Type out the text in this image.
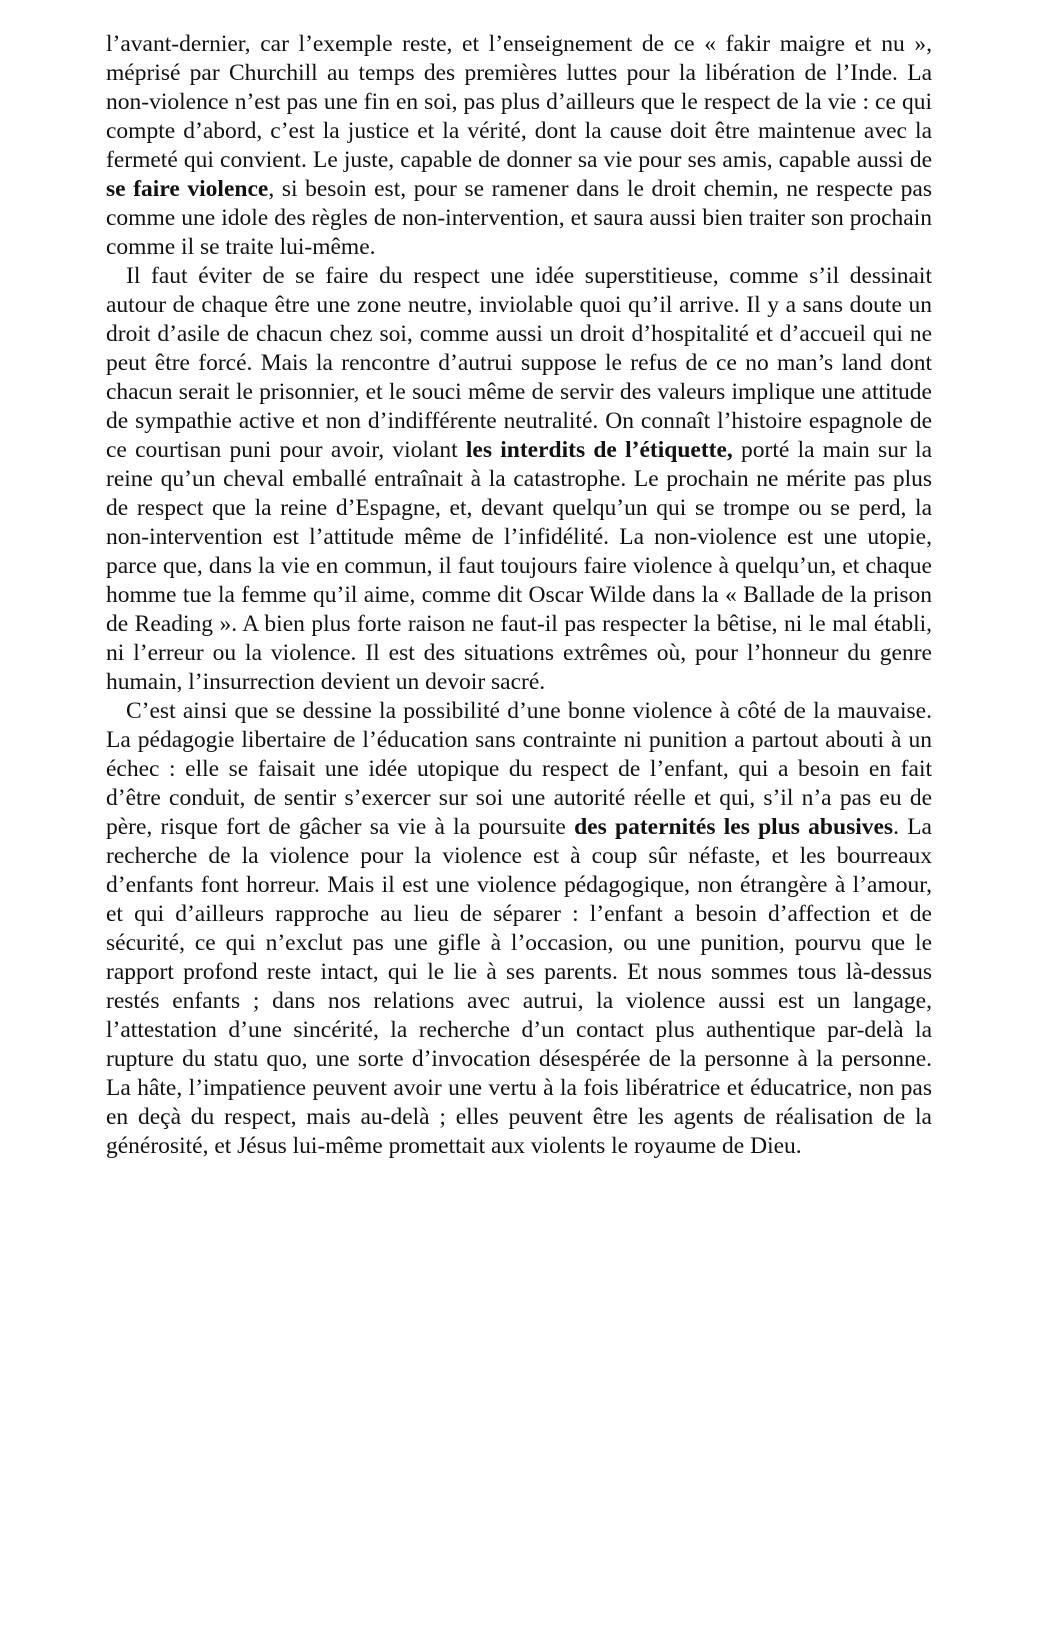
l’avant-dernier, car l’exemple reste, et l’enseignement de ce « fakir maigre et nu », méprisé par Churchill au temps des premières luttes pour la libération de l’Inde. La non-violence n’est pas une fin en soi, pas plus d’ailleurs que le respect de la vie : ce qui compte d’abord, c’est la justice et la vérité, dont la cause doit être maintenue avec la fermeté qui convient. Le juste, capable de donner sa vie pour ses amis, capable aussi de se faire violence, si besoin est, pour se ramener dans le droit chemin, ne respecte pas comme une idole des règles de non-intervention, et saura aussi bien traiter son prochain comme il se traite lui-même.

Il faut éviter de se faire du respect une idée superstitieuse, comme s’il dessinait autour de chaque être une zone neutre, inviolable quoi qu’il arrive. Il y a sans doute un droit d’asile de chacun chez soi, comme aussi un droit d’hospitalité et d’accueil qui ne peut être forcé. Mais la rencontre d’autrui suppose le refus de ce no man’s land dont chacun serait le prisonnier, et le souci même de servir des valeurs implique une attitude de sympathie active et non d’indifférente neutralité. On connaît l’histoire espagnole de ce courtisan puni pour avoir, violant les interdits de l’étiquette, porté la main sur la reine qu’un cheval emballé entraînait à la catastrophe. Le prochain ne mérite pas plus de respect que la reine d’Espagne, et, devant quelqu’un qui se trompe ou se perd, la non-intervention est l’attitude même de l’infidélité. La non-violence est une utopie, parce que, dans la vie en commun, il faut toujours faire violence à quelqu’un, et chaque homme tue la femme qu’il aime, comme dit Oscar Wilde dans la « Ballade de la prison de Reading ». A bien plus forte raison ne faut-il pas respecter la bêtise, ni le mal établi, ni l’erreur ou la violence. Il est des situations extrêmes où, pour l’honneur du genre humain, l’insurrection devient un devoir sacré.

C’est ainsi que se dessine la possibilité d’une bonne violence à côté de la mauvaise. La pédagogie libertaire de l’éducation sans contrainte ni punition a partout abouti à un échec : elle se faisait une idée utopique du respect de l’enfant, qui a besoin en fait d’être conduit, de sentir s’exercer sur soi une autorité réelle et qui, s’il n’a pas eu de père, risque fort de gâcher sa vie à la poursuite des paternités les plus abusives. La recherche de la violence pour la violence est à coup sûr néfaste, et les bourreaux d’enfants font horreur. Mais il est une violence pédagogique, non étrangère à l’amour, et qui d’ailleurs rapproche au lieu de séparer : l’enfant a besoin d’affection et de sécurité, ce qui n’exclut pas une gifle à l’occasion, ou une punition, pourvu que le rapport profond reste intact, qui le lie à ses parents. Et nous sommes tous là-dessus restés enfants ; dans nos relations avec autrui, la violence aussi est un langage, l’attestation d’une sincérité, la recherche d’un contact plus authentique par-delà la rupture du statu quo, une sorte d’invocation désespérée de la personne à la personne. La hâte, l’impatience peuvent avoir une vertu à la fois libératrice et éducatrice, non pas en deçà du respect, mais au-delà ; elles peuvent être les agents de réalisation de la générosité, et Jésus lui-même promettait aux violents le royaume de Dieu.
